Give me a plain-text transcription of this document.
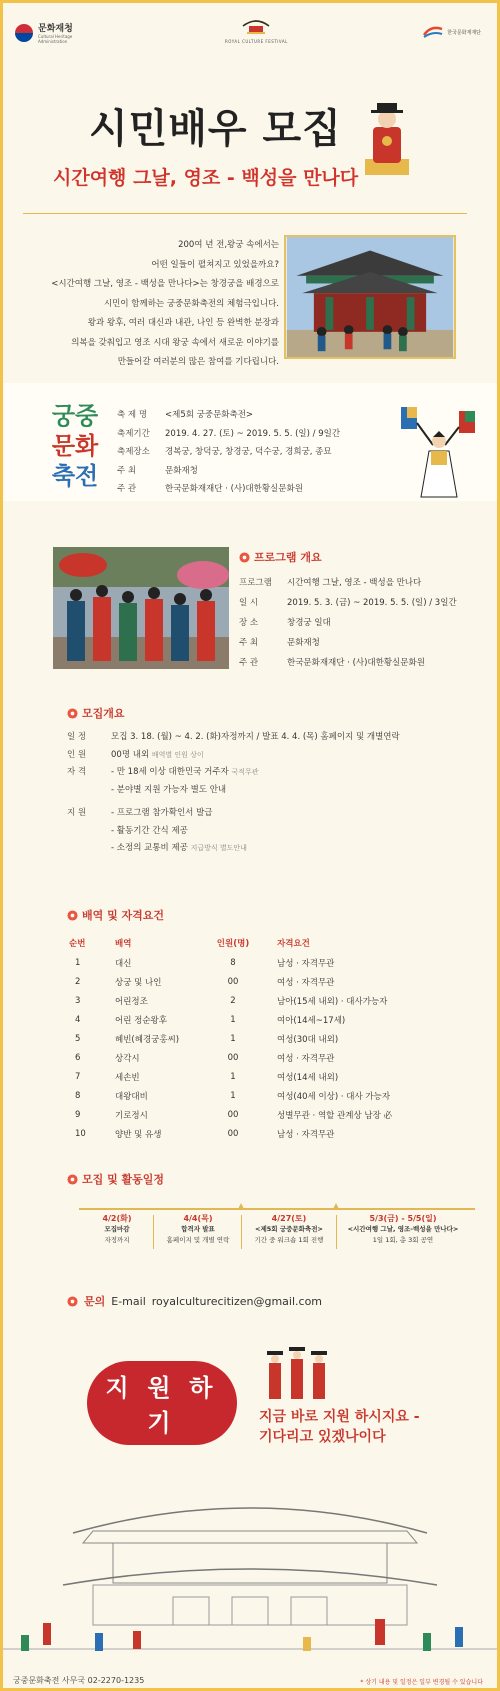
문화재청
Cultural Heritage Administration	ROYAL CULTURE FESTIVAL
한국문화재재단
시민배우 모집
시간여행 그날, 영조 - 백성을 만나다
200여 년 전,왕궁 속에서는
어떤 일들이 펼쳐지고 있었을까요?
<시간여행 그날, 영조 - 백성을 만나다>는 창경궁을 배경으로
시민이 함께하는 궁중문화축전의 체험극입니다.
왕과 왕후, 여러 대신과 내관, 나인 등 완벽한 분장과
의복을 갖춰입고 영조 시대 왕궁 속에서 새로운 이야기를
만들어갈 여러분의 많은 참여를 기다립니다.
궁중
문화
축전
축 제 명	<제5회 궁중문화축전>
축제기간	2019. 4. 27. (토) ~ 2019. 5. 5. (일) / 9일간
축제장소	경복궁, 창덕궁, 창경궁, 덕수궁, 경희궁, 종묘
주 최	문화재청
주 관	한국문화재재단 · (사)대한황실문화원
프로그램 개요
프로그램	시간여행 그날, 영조 - 백성을 만나다
일 시	2019. 5. 3. (금) ~ 2019. 5. 5. (일) / 3일간
장 소	창경궁 일대
주 최	문화재청
주 관	한국문화재재단 · (사)대한황실문화원
모집개요
일 정	모집 3. 18. (월) ~ 4. 2. (화)자정까지 / 발표 4. 4. (목) 홈페이지 및 개별연락
인 원	00명 내외 배역별 인원 상이
자 격	- 만 18세 이상 대한민국 거주자 국적무관
- 분야별 지원 가능자 별도 안내
지 원	- 프로그램 참가확인서 발급
- 활동기간 간식 제공
- 소정의 교통비 제공 지급방식 별도안내
배역 및 자격요건
순번	배역	인원(명)	자격요건
1	대신	8	남성 · 자격무관
2	상궁 및 나인	00	여성 · 자격무관
3	어린정조	2	남아(15세 내외) · 대사가능자
4	어린 정순왕후	1	여아(14세~17세)
5	혜빈(혜경궁홍씨)	1	여성(30대 내외)
6	상각시	00	여성 · 자격무관
7	세손빈	1	여성(14세 내외)
8	대왕대비	1	여성(40세 이상) · 대사 가능자
9	기로정시	00	성별무관 · 역할 관계상 남장 必
10	양반 및 유생	00	남성 · 자격무관
모집 및 활동일정
4/2(화)
모집마감
자정까지
4/4(목)
합격자 발표
홈페이지 및 개별 연락
4/27(토)
<제5회 궁중문화축전>
기간 중 워크숍 1회 진행
5/3(금) - 5/5(일)
<시간여행 그날, 영조-백성을 만나다>
1일 1회, 총 3회 공연
문의 E-mail royalculturecitizen@gmail.com
지 원 하 기	지금 바로 지원 하시지요 -
기다리고 있겠나이다
궁중문화축전 사무국 02-2270-1235	* 상기 내용 및 일정은 일부 변경될 수 있습니다
